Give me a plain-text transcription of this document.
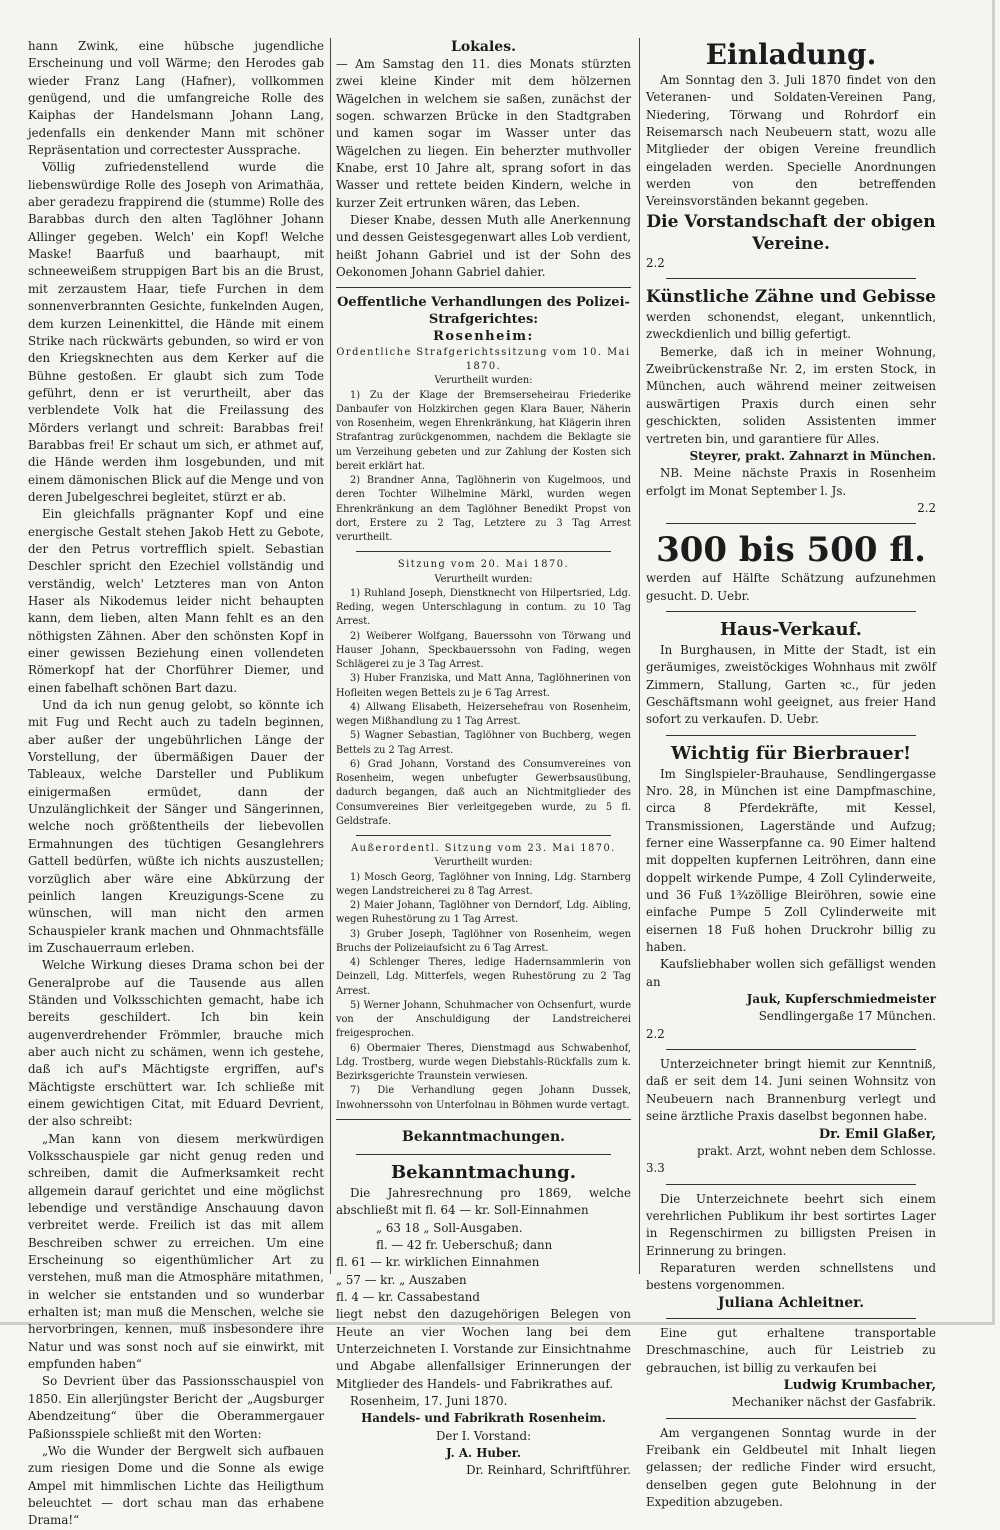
hann Zwink, eine hübsche jugendliche Erscheinung und voll Wärme; den Herodes gab wieder Franz Lang (Hafner), vollkommen genügend, und die umfangreiche Rolle des Kaiphas der Handelsmann Johann Lang, jedenfalls ein denkender Mann mit schöner Repräsentation und correctester Aussprache.

Völlig zufriedenstellend wurde die liebenswürdige Rolle des Joseph von Arimathäa, aber geradezu frappirend die (stumme) Rolle des Barabbas durch den alten Taglöhner Johann Allinger gegeben. Welch' ein Kopf! Welche Maske! Baarfuß und baarhaupt, mit schneeweißem struppigen Bart bis an die Brust, mit zerzaustem Haar, tiefe Furchen in dem sonnenverbrannten Gesichte, funkelnden Augen, dem kurzen Leinenkittel, die Hände mit einem Strike nach rückwärts gebunden, so wird er von den Kriegsknechten aus dem Kerker auf die Bühne gestoßen. Er glaubt sich zum Tode geführt, denn er ist verurtheilt, aber das verblendete Volk hat die Freilassung des Mörders verlangt und schreit: Barabbas frei! Barabbas frei! Er schaut um sich, er athmet auf, die Hände werden ihm losgebunden, und mit einem dämonischen Blick auf die Menge und von deren Jubelgeschrei begleitet, stürzt er ab.

Ein gleichfalls prägnanter Kopf und eine energische Gestalt stehen Jakob Hett zu Gebote, der den Petrus vortrefflich spielt. Sebastian Deschler spricht den Ezechiel vollständig und verständig, welch' Letzteres man von Anton Haser als Nikodemus leider nicht behaupten kann, dem lieben, alten Mann fehlt es an den nöthigsten Zähnen. Aber den schönsten Kopf in einer gewissen Beziehung einen vollendeten Römerkopf hat der Chorführer Diemer, und einen fabelhaft schönen Bart dazu.

Und da ich nun genug gelobt, so könnte ich mit Fug und Recht auch zu tadeln beginnen, aber außer der ungebührlichen Länge der Vorstellung, der übermäßigen Dauer der Tableaux, welche Darsteller und Publikum einigermaßen ermüdet, dann der Unzulänglichkeit der Sänger und Sängerinnen, welche noch größtentheils der liebevollen Ermahnungen des tüchtigen Gesanglehrers Gattell bedürfen, wüßte ich nichts auszustellen; vorzüglich aber wäre eine Abkürzung der peinlich langen Kreuzigungs-Scene zu wünschen, will man nicht den armen Schauspieler krank machen und Ohnmachtsfälle im Zuschauerraum erleben.

Welche Wirkung dieses Drama schon bei der Generalprobe auf die Tausende aus allen Ständen und Volksschichten gemacht, habe ich bereits geschildert. Ich bin kein augenverdrehender Frömmler, brauche mich aber auch nicht zu schämen, wenn ich gestehe, daß ich auf's Mächtigste ergriffen, auf's Mächtigste erschüttert war. Ich schließe mit einem gewichtigen Citat, mit Eduard Devrient, der also schreibt:

„Man kann von diesem merkwürdigen Volksschauspiele gar nicht genug reden und schreiben, damit die Aufmerksamkeit recht allgemein darauf gerichtet und eine möglichst lebendige und verständige Anschauung davon verbreitet werde. Freilich ist das mit allem Beschreiben schwer zu erreichen. Um eine Erscheinung so eigenthümlicher Art zu verstehen, muß man die Atmosphäre mitathmen, in welcher sie entstanden und so wunderbar erhalten ist; man muß die Menschen, welche sie hervorbringen, kennen, muß insbesondere ihre Natur und was sonst noch auf sie einwirkt, mit empfunden haben“

So Devrient über das Passionsschauspiel von 1850. Ein allerjüngster Bericht der „Augsburger Abendzeitung“ über die Oberammergauer Paßionsspiele schließt mit den Worten:

„Wo die Wunder der Bergwelt sich aufbauen zum riesigen Dome und die Sonne als ewige Ampel mit himmlischen Lichte das Heiligthum beleuchtet — dort schau man das erhabene Drama!“

Lokales.

— Am Samstag den 11. dies Monats stürzten zwei kleine Kinder mit dem hölzernen Wägelchen in welchem sie saßen, zunächst der sogen. schwarzen Brücke in den Stadtgraben und kamen sogar im Wasser unter das Wägelchen zu liegen. Ein beherzter muthvoller Knabe, erst 10 Jahre alt, sprang sofort in das Wasser und rettete beiden Kindern, welche in kurzer Zeit ertrunken wären, das Leben.

Dieser Knabe, dessen Muth alle Anerkennung und dessen Geistesgegenwart alles Lob verdient, heißt Johann Gabriel und ist der Sohn des Oekonomen Johann Gabriel dahier.

Oeffentliche Verhandlungen des Polizei-Strafgerichtes:

Rosenheim:

Ordentliche Strafgerichtssitzung vom 10. Mai 1870.

Verurtheilt wurden:

1) Zu der Klage der Bremserseheirau Friederike Danbaufer von Holzkirchen gegen Klara Bauer, Näherin von Rosenheim, wegen Ehrenkränkung, hat Klägerin ihren Strafantrag zurückgenommen, nachdem die Beklagte sie um Verzeihung gebeten und zur Zahlung der Kosten sich bereit erklärt hat.

2) Brandner Anna, Taglöhnerin von Kugelmoos, und deren Tochter Wilhelmine Märkl, wurden wegen Ehrenkränkung an dem Taglöhner Benedikt Propst von dort, Erstere zu 2 Tag, Letztere zu 3 Tag Arrest verurtheilt.

Sitzung vom 20. Mai 1870.

Verurtheilt wurden:

1) Ruhland Joseph, Dienstknecht von Hilpertsried, Ldg. Reding, wegen Unterschlagung in contum. zu 10 Tag Arrest.

2) Weiberer Wolfgang, Bauerssohn von Törwang und Hauser Johann, Speckbauerssohn von Fading, wegen Schlägerei zu je 3 Tag Arrest.

3) Huber Franziska, und Matt Anna, Taglöhnerinen von Hofleiten wegen Bettels zu je 6 Tag Arrest.

4) Allwang Elisabeth, Heizersehefrau von Rosenheim, wegen Mißhandlung zu 1 Tag Arrest.

5) Wagner Sebastian, Taglöhner von Buchberg, wegen Bettels zu 2 Tag Arrest.

6) Grad Johann, Vorstand des Consumvereines von Rosenheim, wegen unbefugter Gewerbsausübung, dadurch begangen, daß auch an Nichtmitglieder des Consumvereines Bier verleitgegeben wurde, zu 5 fl. Geldstrafe.

Außerordentl. Sitzung vom 23. Mai 1870.

Verurtheilt wurden:

1) Mosch Georg, Taglöhner von Inning, Ldg. Starnberg wegen Landstreicherei zu 8 Tag Arrest.

2) Maier Johann, Taglöhner von Derndorf, Ldg. Aibling, wegen Ruhestörung zu 1 Tag Arrest.

3) Gruber Joseph, Taglöhner von Rosenheim, wegen Bruchs der Polizeiaufsicht zu 6 Tag Arrest.

4) Schlenger Theres, ledige Hadernsammlerin von Deinzell, Ldg. Mitterfels, wegen Ruhestörung zu 2 Tag Arrest.

5) Werner Johann, Schuhmacher von Ochsenfurt, wurde von der Anschuldigung der Landstreicherei freigesprochen.

6) Obermaier Theres, Dienstmagd aus Schwabenhof, Ldg. Trostberg, wurde wegen Diebstahls-Rückfalls zum k. Bezirksgerichte Traunstein verwiesen.

7) Die Verhandlung gegen Johann Dussek, Inwohnerssohn von Unterfolnau in Böhmen wurde vertagt.

Bekanntmachungen.

Bekanntmachung.

Die Jahresrechnung pro 1869, welche abschließt mit fl. 64 — kr. Soll-Einnahmen

„ 63 18 „ Soll-Ausgaben.

fl. — 42 fr. Ueberschuß; dann

fl. 61 — kr. wirklichen Einnahmen

„ 57 — kr. „ Auszaben

fl. 4 — kr. Cassabestand

liegt nebst den dazugehörigen Belegen von Heute an vier Wochen lang bei dem Unterzeichneten I. Vorstande zur Einsichtnahme und Abgabe allenfallsiger Erinnerungen der Mitglieder des Handels- und Fabrikrathes auf.

Rosenheim, 17. Juni 1870.

Handels- und Fabrikrath Rosenheim.

Der I. Vorstand:

J. A. Huber.

Dr. Reinhard, Schriftführer.

Einladung.

Am Sonntag den 3. Juli 1870 findet von den Veteranen- und Soldaten-Vereinen Pang, Niedering, Törwang und Rohrdorf ein Reisemarsch nach Neubeuern statt, wozu alle Mitglieder der obigen Vereine freundlich eingeladen werden. Specielle Anordnungen werden von den betreffenden Vereinsvorständen bekannt gegeben.

Die Vorstandschaft der obigen Vereine.

2.2

Künstliche Zähne und Gebisse

werden schonendst, elegant, unkenntlich, zweckdienlich und billig gefertigt.

Bemerke, daß ich in meiner Wohnung, Zweibrückenstraße Nr. 2, im ersten Stock, in München, auch während meiner zeitweisen auswärtigen Praxis durch einen sehr geschickten, soliden Assistenten immer vertreten bin, und garantiere für Alles.

Steyrer, prakt. Zahnarzt in München.

NB. Meine nächste Praxis in Rosenheim erfolgt im Monat September l. Js.

2.2

300 bis 500 fl.

werden auf Hälfte Schätzung aufzunehmen gesucht. D. Uebr.

Haus-Verkauf.

In Burghausen, in Mitte der Stadt, ist ein geräumiges, zweistöckiges Wohnhaus mit zwölf Zimmern, Stallung, Garten ꝛc., für jeden Geschäftsmann wohl geeignet, aus freier Hand sofort zu verkaufen. D. Uebr.

Wichtig für Bierbrauer!

Im Singlspieler-Brauhause, Sendlingergasse Nro. 28, in München ist eine Dampfmaschine, circa 8 Pferdekräfte, mit Kessel, Transmissionen, Lagerstände und Aufzug; ferner eine Wasserpfanne ca. 90 Eimer haltend mit doppelten kupfernen Leitröhren, dann eine doppelt wirkende Pumpe, 4 Zoll Cylinderweite, und 36 Fuß 1¾zöllige Bleiröhren, sowie eine einfache Pumpe 5 Zoll Cylinderweite mit eisernen 18 Fuß hohen Druckrohr billig zu haben.

Kaufsliebhaber wollen sich gefälligst wenden an

Jauk, Kupferschmiedmeister

Sendlingergaße 17 München.

2.2

Unterzeichneter bringt hiemit zur Kenntniß, daß er seit dem 14. Juni seinen Wohnsitz von Neubeuern nach Brannenburg verlegt und seine ärztliche Praxis daselbst begonnen habe.

Dr. Emil Glaßer,

prakt. Arzt, wohnt neben dem Schlosse.

3.3

Die Unterzeichnete beehrt sich einem verehrlichen Publikum ihr best sortirtes Lager in Regenschirmen zu billigsten Preisen in Erinnerung zu bringen.

Reparaturen werden schnellstens und bestens vorgenommen.

Juliana Achleitner.

Eine gut erhaltene transportable Dreschmaschine, auch für Leistrieb zu gebrauchen, ist billig zu verkaufen bei

Ludwig Krumbacher,

Mechaniker nächst der Gasfabrik.

Am vergangenen Sonntag wurde in der Freibank ein Geldbeutel mit Inhalt liegen gelassen; der redliche Finder wird ersucht, denselben gegen gute Belohnung in der Expedition abzugeben.
